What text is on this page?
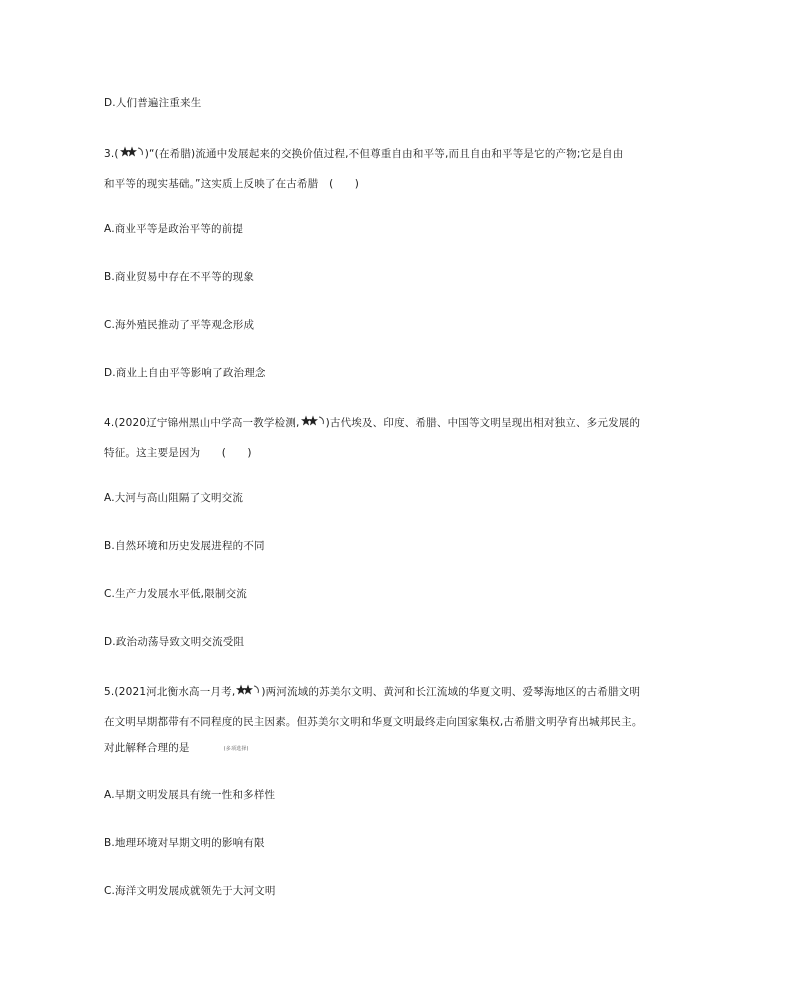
D.人们普遍注重来生
3.( )“(在希腊)流通中发展起来的交换价值过程,不但尊重自由和平等,而且自由和平等是它的产物;它是自由
和平等的现实基础。”这实质上反映了在古希腊　(　　)
A.商业平等是政治平等的前提
B.商业贸易中存在不平等的现象
C.海外殖民推动了平等观念形成
D.商业上自由平等影响了政治理念
4.(2020辽宁锦州黑山中学高一教学检测, )古代埃及、印度、希腊、中国等文明呈现出相对独立、多元发展的
特征。这主要是因为　　(　　)
A.大河与高山阻隔了文明交流
B.自然环境和历史发展进程的不同
C.生产力发展水平低,限制交流
D.政治动荡导致文明交流受阻
5.(2021河北衡水高一月考, )两河流域的苏美尔文明、黄河和长江流域的华夏文明、爱琴海地区的古希腊文明
在文明早期都带有不同程度的民主因素。但苏美尔文明和华夏文明最终走向国家集权,古希腊文明孕育出城邦民主。
对此解释合理的是	(多项选择)
A.早期文明发展具有统一性和多样性
B.地理环境对早期文明的影响有限
C.海洋文明发展成就领先于大河文明
